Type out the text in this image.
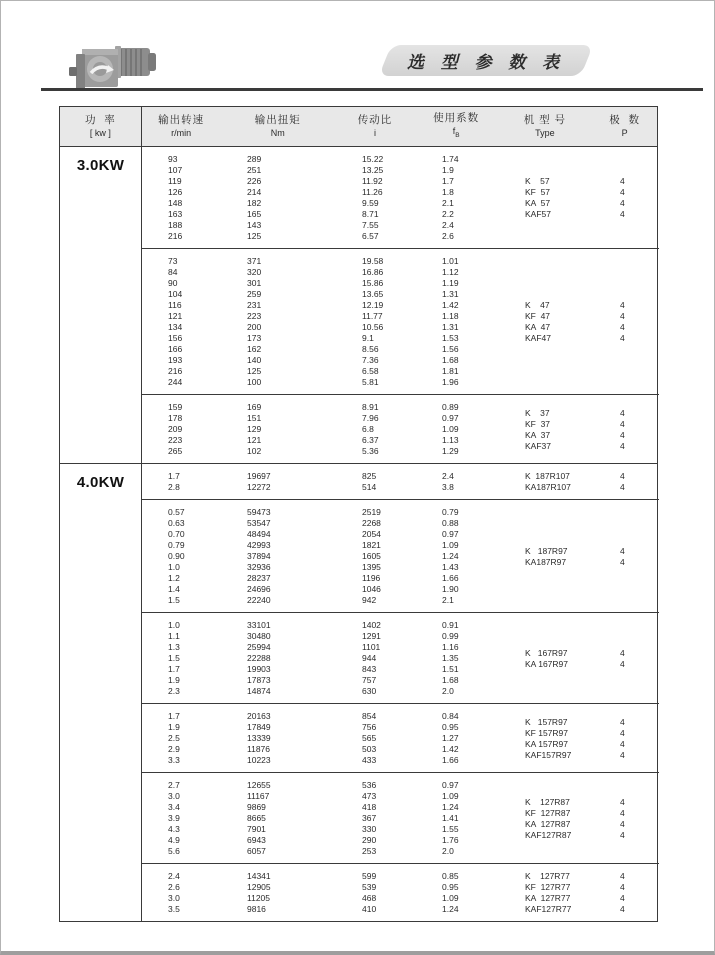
选 型 参 数 表
功  率
[ kw ]
输出转速
r/min
输出扭矩
Nm
传动比
i
使用系数
$f_B$
机 型 号
Type
极  数
P
3.0KW	93
107
119
126
148
163
188
216
289
251
226
214
182
165
143
125
15.22
13.25
11.92
11.26
9.59
8.71
7.55
6.57
1.74
1.9
1.7
1.8
2.1
2.2
2.4
2.6
K    57
KF  57
KA  57
KAF57
4
4
4
4
73
84
90
104
116
121
134
156
166
193
216
244
371
320
301
259
231
223
200
173
162
140
125
100
19.58
16.86
15.86
13.65
12.19
11.77
10.56
9.1
8.56
7.36
6.58
5.81
1.01
1.12
1.19
1.31
1.42
1.18
1.31
1.53
1.56
1.68
1.81
1.96
K    47
KF  47
KA  47
KAF47
4
4
4
4
159
178
209
223
265
169
151
129
121
102
8.91
7.96
6.8
6.37
5.36
0.89
0.97
1.09
1.13
1.29
K    37
KF  37
KA  37
KAF37
4
4
4
4
4.0KW	1.7
2.8
19697
12272
825
514
2.4
3.8
K  187R107
KA187R107
4
4
0.57
0.63
0.70
0.79
0.90
1.0
1.2
1.4
1.5
59473
53547
48494
42993
37894
32936
28237
24696
22240
2519
2268
2054
1821
1605
1395
1196
1046
942
0.79
0.88
0.97
1.09
1.24
1.43
1.66
1.90
2.1
K   187R97
KA187R97
4
4
1.0
1.1
1.3
1.5
1.7
1.9
2.3
33101
30480
25994
22288
19903
17873
14874
1402
1291
1101
944
843
757
630
0.91
0.99
1.16
1.35
1.51
1.68
2.0
K   167R97
KA 167R97
4
4
1.7
1.9
2.5
2.9
3.3
20163
17849
13339
11876
10223
854
756
565
503
433
0.84
0.95
1.27
1.42
1.66
K   157R97
KF 157R97
KA 157R97
KAF157R97
4
4
4
4
2.7
3.0
3.4
3.9
4.3
4.9
5.6
12655
11167
9869
8665
7901
6943
6057
536
473
418
367
330
290
253
0.97
1.09
1.24
1.41
1.55
1.76
2.0
K    127R87
KF  127R87
KA  127R87
KAF127R87
4
4
4
4
2.4
2.6
3.0
3.5
14341
12905
11205
9816
599
539
468
410
0.85
0.95
1.09
1.24
K    127R77
KF  127R77
KA  127R77
KAF127R77
4
4
4
4
